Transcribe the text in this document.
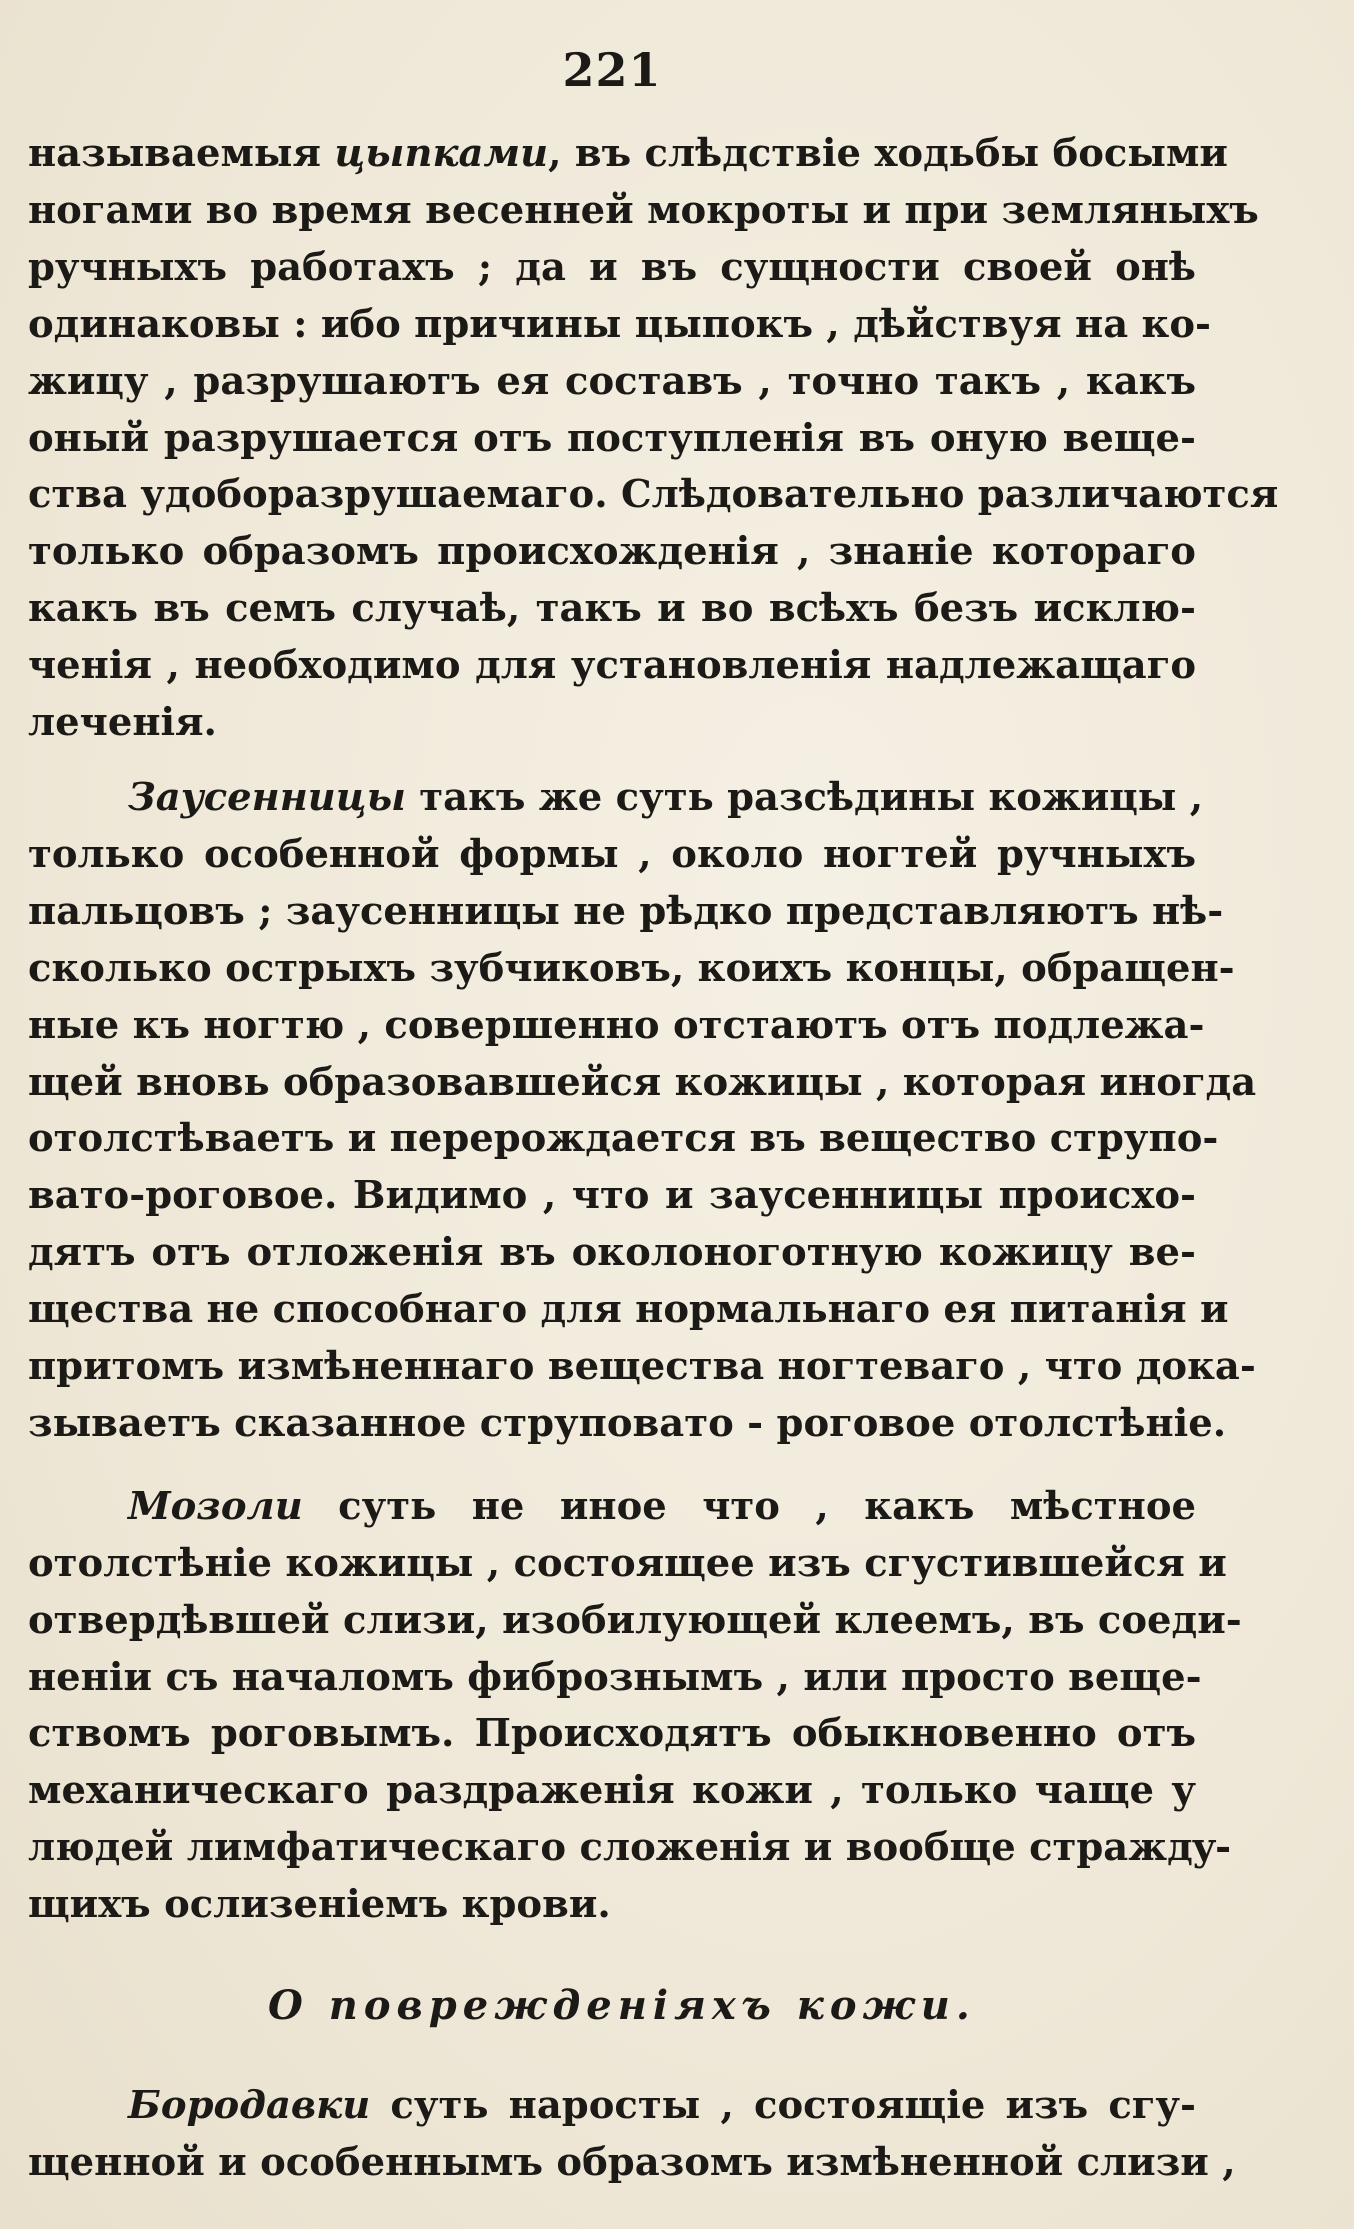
221
называемыя цыпками, въ слѣдствіе ходьбы босыми
ногами во время весенней мокроты и при земляныхъ
ручныхъ работахъ ; да и въ сущности своей онѣ
одинаковы : ибо причины цыпокъ , дѣйствуя на ко-
жицу , разрушаютъ ея составъ , точно такъ , какъ
оный разрушается отъ поступленія въ оную веще-
ства удоборазрушаемаго. Слѣдовательно различаются
только образомъ происхожденія , знаніе котораго
какъ въ семъ случаѣ, такъ и во всѣхъ безъ исклю-
ченія , необходимо для установленія надлежащаго
леченія.
Заусенницы такъ же суть разсѣдины кожицы ,
только особенной формы , около ногтей ручныхъ
пальцовъ ; заусенницы не рѣдко представляютъ нѣ-
сколько острыхъ зубчиковъ, коихъ концы, обращен-
ные къ ногтю , совершенно отстаютъ отъ подлежа-
щей вновь образовавшейся кожицы , которая иногда
отолстѣваетъ и перерождается въ вещество струпо-
вато-роговое. Видимо , что и заусенницы происхо-
дятъ отъ отложенія въ околоноготную кожицу ве-
щества не способнаго для нормальнаго ея питанія и
притомъ измѣненнаго вещества ногтеваго , что дока-
зываетъ сказанное струповато - роговое отолстѣніе.
Мозоли суть не иное что , какъ мѣстное
отолстѣніе кожицы , состоящее изъ сгустившейся и
отвердѣвшей слизи, изобилующей клеемъ, въ соеди-
неніи съ началомъ фибрознымъ , или просто веще-
ствомъ роговымъ. Происходятъ обыкновенно отъ
механическаго раздраженія кожи , только чаще у
людей лимфатическаго сложенія и вообще страждy-
щихъ ослизеніемъ крови.
О поврежденіяхъ кожи.
Бородавки суть наросты , состоящіе изъ сгу-
щенной и особеннымъ образомъ измѣненной слизи ,
